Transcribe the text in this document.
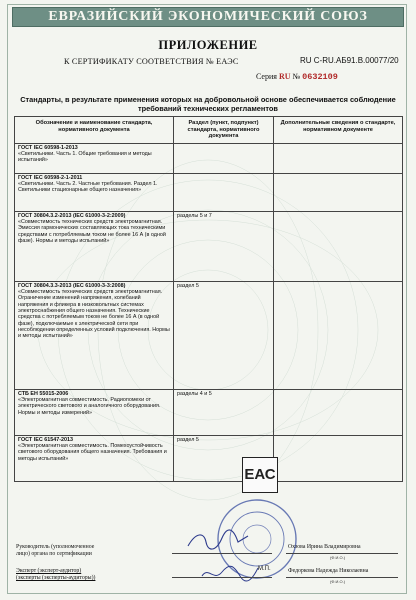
ЕВРАЗИЙСКИЙ ЭКОНОМИЧЕСКИЙ СОЮЗ
ПРИЛОЖЕНИЕ
К СЕРТИФИКАТУ СООТВЕТСТВИЯ № ЕАЭС	RU C-RU.АБ91.В.00077/20
Серия RU № 0632109
Стандарты, в результате применения которых на добровольной основе обеспечивается соблюдение требований технических регламентов
Обозначение и наименование стандарта, нормативного документа	Раздел (пункт, подпункт) стандарта, нормативного документа	Дополнительные сведения о стандарте, нормативном документе

ГОСТ IEC 60598-1-2013
«Светильники. Часть 1. Общие требования и методы испытаний»		

ГОСТ IEC 60598-2-1-2011
«Светильники. Часть 2. Частные требования. Раздел 1. Светильники стационарные общего назначения»		

ГОСТ 30804.3.2-2013 (IEC 61000-3-2:2009)
«Совместимость технических средств электромагнитная. Эмиссия гармонических составляющих тока техническими средствами с потребляемым током не более 16 А (в одной фазе). Нормы и методы испытаний»	разделы 5 и 7	

ГОСТ 30804.3.3-2013 (IEC 61000-3-3:2008)
«Совместимость технических средств электромагнитная. Ограничение изменений напряжения, колебаний напряжения и фликера в низковольтных системах электроснабжения общего назначения. Технические средства с потребляемым током не более 16 А (в одной фазе), подключаемые к электрической сети при несоблюдении определенных условий подключения. Нормы и методы испытаний»	раздел 5	

СТБ ЕН 55015-2006
«Электромагнитная совместимость. Радиопомехи от электрического светового и аналогичного оборудования. Нормы и методы измерений»	разделы 4 и 5	

ГОСТ IEC 61547-2013
«Электромагнитная совместимость. Помехоустойчивость светового оборудования общего назначения. Требования и методы испытаний»	раздел 5	
ЕАС
Руководитель (уполномоченное
лицо) органа по сертификации
Охзова Ирина Владимировна
(Ф.И.О.)
М.П.
Эксперт (эксперт-аудитор)
(эксперты (эксперты-аудиторы))
Федоркова Надежда Николаевна
(Ф.И.О.)
